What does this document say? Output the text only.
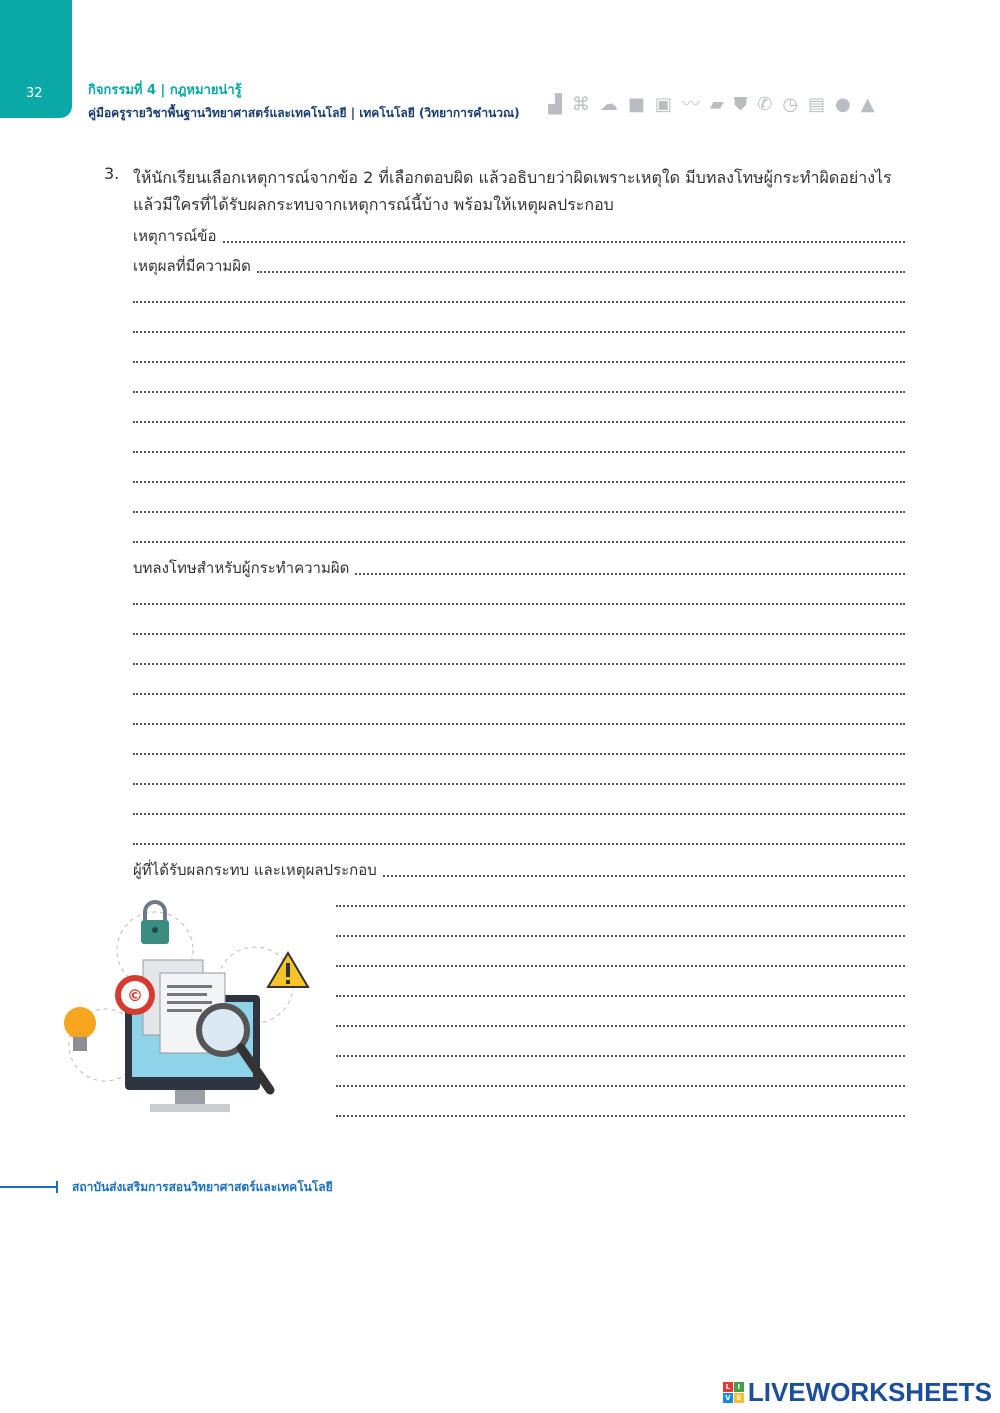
32	กิจกรรมที่ 4 | กฎหมายน่ารู้
คู่มือครูรายวิชาพื้นฐานวิทยาศาสตร์และเทคโนโลยี | เทคโนโลยี (วิทยาการคำนวณ) ▟ ⌘ ☁ ■ ▣ 〰 ▰ ⛊ ✆ ◷ ▤ ● ▲
3. ให้นักเรียนเลือกเหตุการณ์จากข้อ 2 ที่เลือกตอบผิด แล้วอธิบายว่าผิดเพราะเหตุใด มีบทลงโทษผู้กระทำผิดอย่างไร แล้วมีใครที่ได้รับผลกระทบจากเหตุการณ์นี้บ้าง พร้อมให้เหตุผลประกอบ
เหตุการณ์ข้อ
เหตุผลที่มีความผิด
บทลงโทษสำหรับผู้กระทำความผิด
ผู้ที่ได้รับผลกระทบ และเหตุผลประกอบ
©
สถาบันส่งเสริมการสอนวิทยาศาสตร์และเทคโนโลยี
L	I
V E LIVEWORKSHEETS
